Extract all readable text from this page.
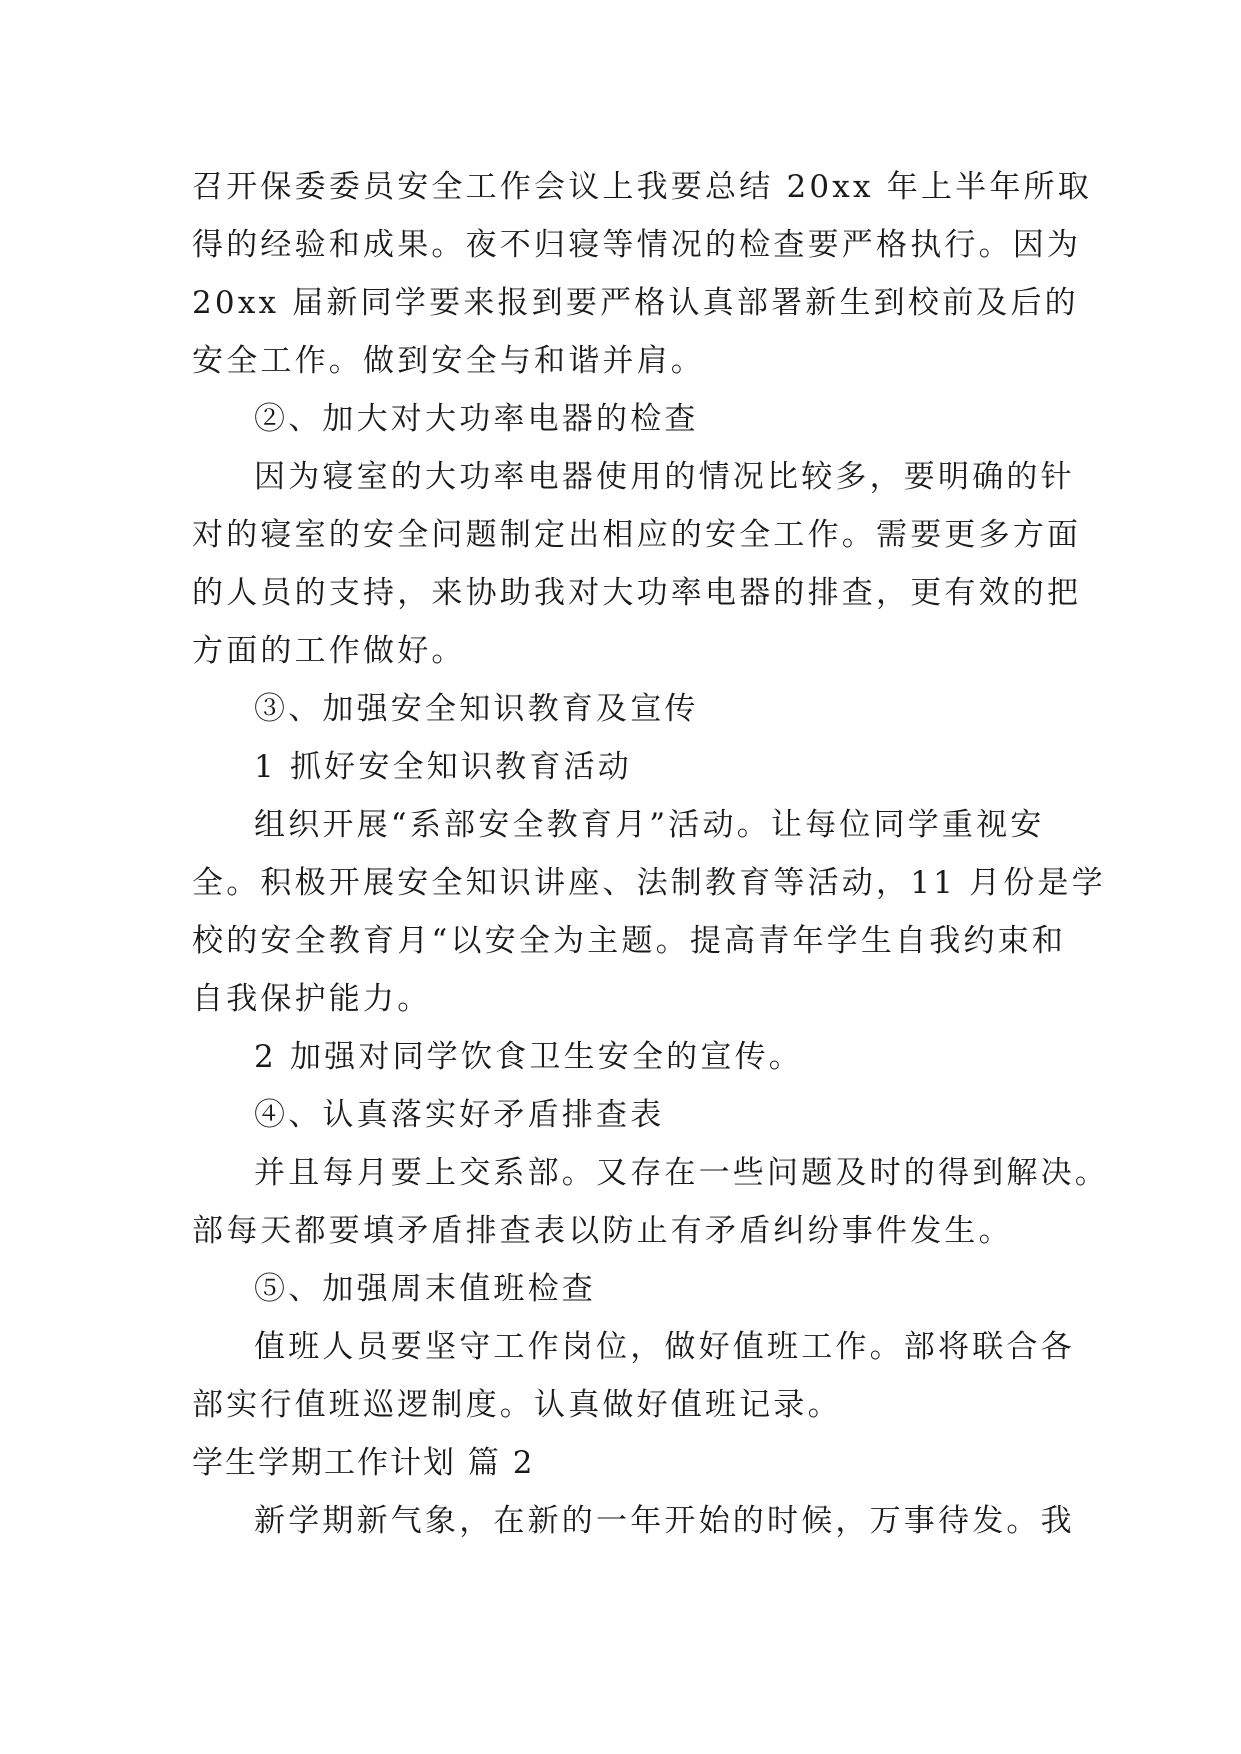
召开保委委员安全工作会议上我要总结 20xx 年上半年所取
得的经验和成果。夜不归寝等情况的检查要严格执行。因为
20xx 届新同学要来报到要严格认真部署新生到校前及后的
安全工作。做到安全与和谐并肩。
②、加大对大功率电器的检查
因为寝室的大功率电器使用的情况比较多，要明确的针
对的寝室的安全问题制定出相应的安全工作。需要更多方面
的人员的支持，来协助我对大功率电器的排查，更有效的把
方面的工作做好。
③、加强安全知识教育及宣传
1 抓好安全知识教育活动
组织开展“系部安全教育月”活动。让每位同学重视安
全。积极开展安全知识讲座、法制教育等活动，11 月份是学
校的安全教育月“以安全为主题。提高青年学生自我约束和
自我保护能力。
2 加强对同学饮食卫生安全的宣传。
④、认真落实好矛盾排查表
并且每月要上交系部。又存在一些问题及时的得到解决。
部每天都要填矛盾排查表以防止有矛盾纠纷事件发生。
⑤、加强周末值班检查
值班人员要坚守工作岗位，做好值班工作。部将联合各
部实行值班巡逻制度。认真做好值班记录。
学生学期工作计划 篇 2
新学期新气象，在新的一年开始的时候，万事待发。我
